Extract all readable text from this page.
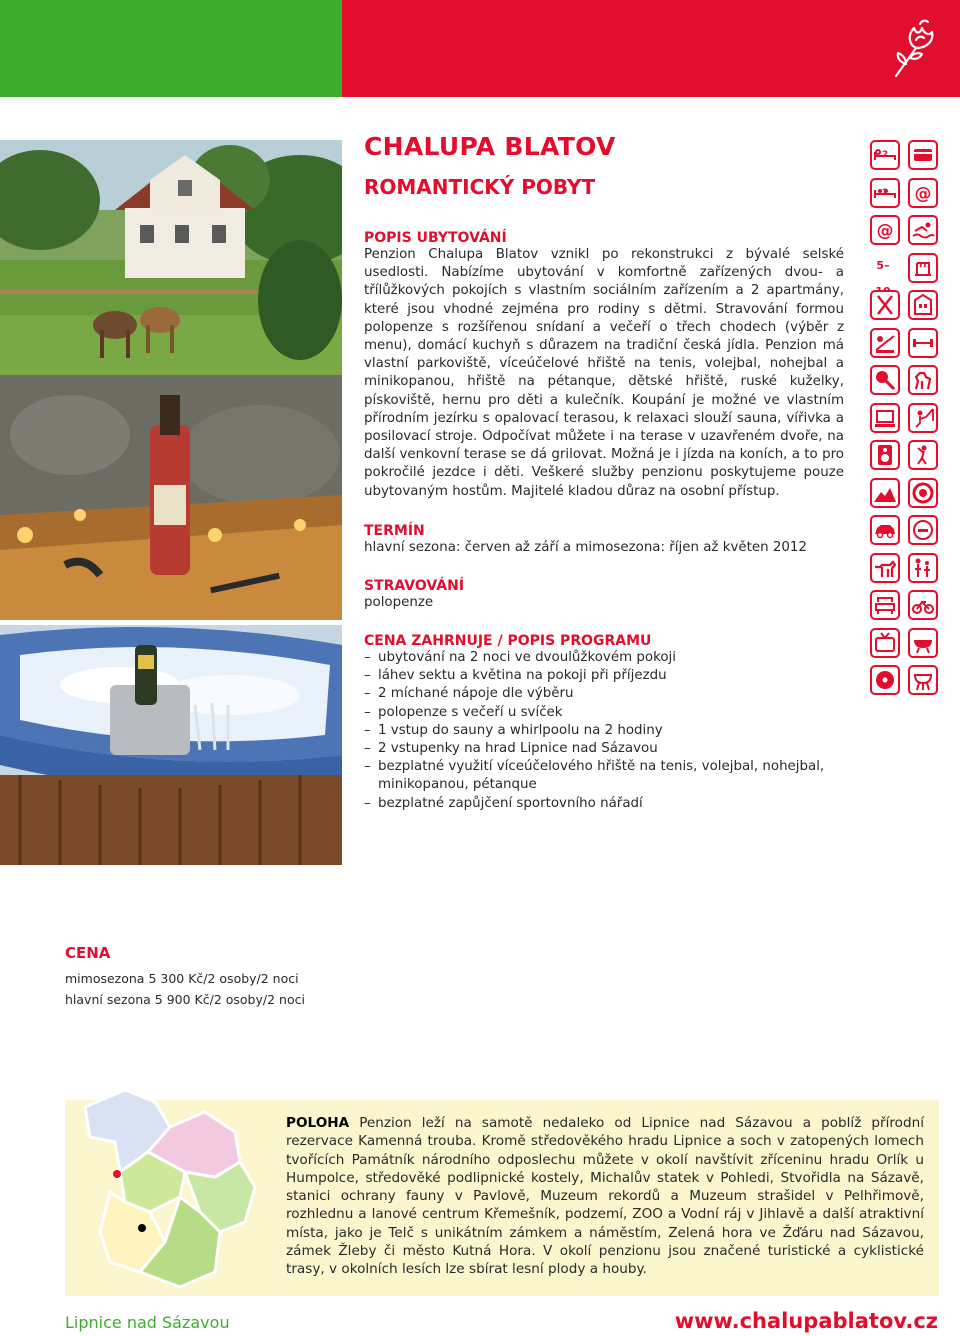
CHALUPA BLATOV
ROMANTICKÝ POBYT
POPIS UBYTOVÁNÍ

Penzion Chalupa Blatov vznikl po rekonstrukci z bývalé selské usedlosti. Nabízíme ubytování v komfortně zařízených dvou- a třílůžkových pokojích s vlastním sociálním zařízením a 2 apartmány, které jsou vhodné zejména pro rodiny s dětmi. Stravování formou polopenze s rozšířenou snídaní a večeří o třech chodech (výběr z menu), domácí kuchyň s důrazem na tradiční česká jídla. Penzion má vlastní parkoviště, víceúčelové hřiště na tenis, volejbal, nohejbal a minikopanou, hřiště na pétanque, dětské hřiště, ruské kuželky, pískoviště, hernu pro děti a kulečník. Koupání je možné ve vlastním přírodním jezírku s opalovací terasou, k relaxaci slouží sauna, vířivka a posilovací stroje. Odpočívat můžete i na terase v uzavřeném dvoře, na další venkovní terase se dá grilovat. Možná je i jízda na koních, a to pro pokročilé jezdce i děti. Veškeré služby penzionu poskytujeme pouze ubytovaným hostům. Majitelé kladou důraz na osobní přístup.

TERMÍN

hlavní sezona: červen až září a mimosezona: říjen až květen 2012

STRAVOVÁNÍ

polopenze

CENA ZAHRNUJE / POPIS PROGRAMU
– ubytování na 2 noci ve dvoulůžkovém pokoji
– láhev sektu a květina na pokoji při příjezdu
– 2 míchané nápoje dle výběru
– polopenze s večeří u svíček
– 1 vstup do sauny a whirlpoolu na 2 hodiny
– 2 vstupenky na hrad Lipnice nad Sázavou
– bezplatné využití víceúčelového hřiště na tenis, volejbal, nohejbal, minikopanou, pétanque
– bezplatné zapůjčení sportovního nářadí
2
2	@
@
5–
CENA
mimosezona 5 300 Kč/2 osoby/2 noci
hlavní sezona 5 900 Kč/2 osoby/2 noci
POLOHA Penzion leží na samotě nedaleko od Lipnice nad Sázavou a poblíž přírodní rezervace Kamenná trouba. Kromě středověkého hradu Lipnice a soch v zatopených lomech tvořících Památník národního odposlechu můžete v okolí navštívit zříceninu hradu Orlík u Humpolce, středověké podlipnické kostely, Michalův statek v Pohledi, Stvořidla na Sázavě, stanici ochrany fauny v Pavlově, Muzeum rekordů a Muzeum strašidel v Pelhřimově, rozhlednu a lanové centrum Křemešník, podzemí, ZOO a Vodní ráj v Jihlavě a další atraktivní místa, jako je Telč s unikátním zámkem a náměstím, Zelená hora ve Žďáru nad Sázavou, zámek Žleby či město Kutná Hora. V okolí penzionu jsou značené turistické a cyklistické trasy, v okolních lesích lze sbírat lesní plody a houby.
Lipnice nad Sázavou	www.chalupablatov.cz
